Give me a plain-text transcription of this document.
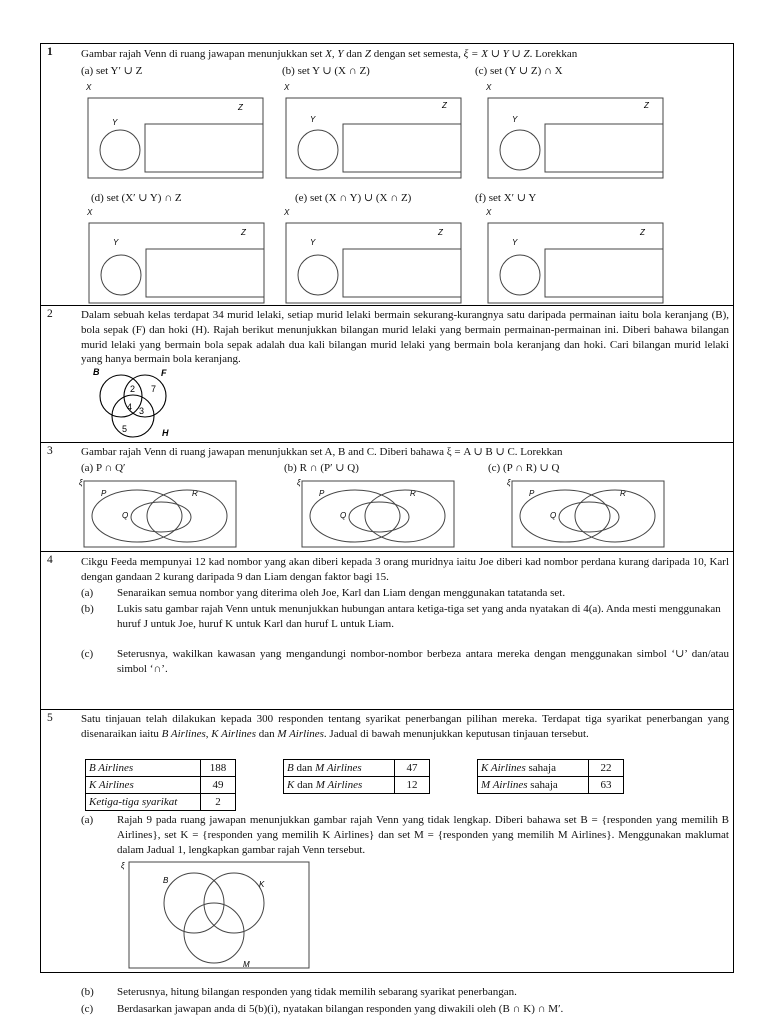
1	Gambar rajah Venn di ruang jawapan menunjukkan set X, Y dan Z dengan set semesta, ξ = X ∪ Y ∪ Z. Lorekkan
(a) set Y′ ∪ Z	(b) set Y ∪ (X ∩ Z)	(c) set (Y ∪ Z) ∩ X
X
Z
Y
X
Z
Y
X
Z
Y
(d) set (X′ ∪ Y) ∩ Z	(e) set (X ∩ Y) ∪ (X ∩ Z)	(f) set X′ ∪ Y
X
Z
Y
X
Z
Y
X
Z
Y
2	Dalam sebuah kelas terdapat 34 murid lelaki, setiap murid lelaki bermain sekurang-kurangnya satu daripada permainan iaitu bola keranjang (B), bola sepak (F) dan hoki (H). Rajah berikut menunjukkan bilangan murid lelaki yang bermain permainan-permainan ini. Diberi bahawa bilangan murid lelaki yang bermain bola sepak adalah dua kali bilangan murid lelaki yang bermain bola keranjang dan hoki. Cari bilangan murid lelaki yang hanya bermain bola keranjang.
B	F
H
2 7
4 3
5
3	Gambar rajah Venn di ruang jawapan menunjukkan set A, B and C. Diberi bahawa ξ = A ∪ B ∪ C. Lorekkan
(a) P ∩ Q′	(b) R ∩ (P′ ∪ Q)	(c) (P ∩ R) ∪ Q
ξ
P	R
Q
ξ
P	R
Q
ξ
P	R
Q
4	Cikgu Feeda mempunyai 12 kad nombor yang akan diberi kepada 3 orang muridnya iaitu Joe diberi kad nombor perdana kurang daripada 10, Karl dengan gandaan 2 kurang daripada 9 dan Liam dengan faktor bagi 15.
(a) Senaraikan semua nombor yang diterima oleh Joe, Karl dan Liam dengan menggunakan tatatanda set.
(b) Lukis satu gambar rajah Venn untuk menunjukkan hubungan antara ketiga-tiga set yang anda nyatakan di 4(a). Anda mesti menggunakan huruf J untuk Joe, huruf K untuk Karl dan huruf L untuk Liam.
(c) Seterusnya, wakilkan kawasan yang mengandungi nombor-nombor berbeza antara mereka dengan menggunakan simbol ‘∪’ dan/atau simbol ‘∩’.
5	Satu tinjauan telah dilakukan kepada 300 responden tentang syarikat penerbangan pilihan mereka. Terdapat tiga syarikat penerbangan yang disenaraikan iaitu B Airlines, K Airlines dan M Airlines. Jadual di bawah menunjukkan keputusan tinjauan tersebut.
B Airlines	188
K Airlines	49
Ketiga-tiga syarikat	2
B dan M Airlines	47
K dan M Airlines	12
K Airlines sahaja	22
M Airlines sahaja	63
(a) Rajah 9 pada ruang jawapan menunjukkan gambar rajah Venn yang tidak lengkap. Diberi bahawa set B = {responden yang memilih B Airlines}, set K = {responden yang memilih K Airlines} dan set M = {responden yang memilih M Airlines}. Menggunakan maklumat dalam Jadual 1, lengkapkan gambar rajah Venn tersebut.
ξ
B	K
M
(b) Seterusnya, hitung bilangan responden yang tidak memilih sebarang syarikat penerbangan.
(c) Berdasarkan jawapan anda di 5(b)(i), nyatakan bilangan responden yang diwakili oleh (B ∩ K) ∩ M′.
